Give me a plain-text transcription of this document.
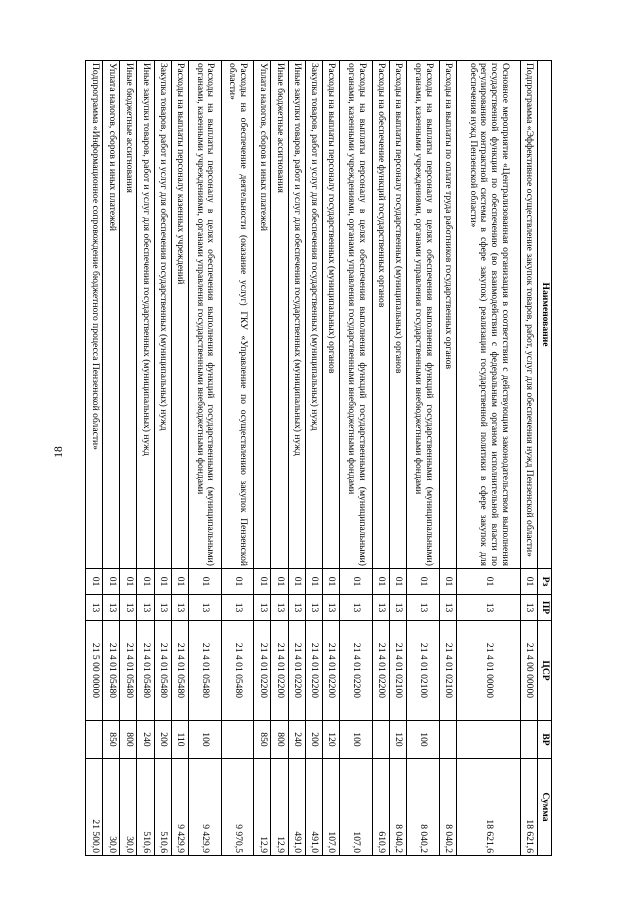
18
Наименование	Рз	ПР	ЦСР	ВР	Сумма
Подпрограмма «Эффективное осуществление закупок товаров, работ, услуг для обеспечения нужд Пензенской области»	01	13	21 4 00 00000		18 621,6
Основное мероприятие «Централизованная организация в соответствии с действующим законодательством выполнения государственной функции по обеспечению (во взаимодействии с федеральным органом исполнительной власти по регулированию контрактной системы в сфере закупок) реализации государственной политики в сфере закупок для обеспечения нужд Пензенской области»	01	13	21 4 01 00000		18 621,6
Расходы на выплаты по оплате труда работников государственных органов	01	13	21 4 01 02100		8 040,2
Расходы на выплаты персоналу в целях обеспечения выполнения функций государственными (муниципальными) органами, казенными учреждениями, органами управления государственными внебюджетными фондами	01	13	21 4 01 02100	100	8 040,2
Расходы на выплаты персоналу государственных (муниципальных) органов	01	13	21 4 01 02100	120	8 040,2
Расходы на обеспечение функций государственных органов	01	13	21 4 01 02200		610,9
Расходы на выплаты персоналу в целях обеспечения выполнения функций государственными (муниципальными) органами, казенными учреждениями, органами управления государственными внебюджетными фондами	01	13	21 4 01 02200	100	107,0
Расходы на выплаты персоналу государственных (муниципальных) органов	01	13	21 4 01 02200	120	107,0
Закупка товаров, работ и услуг для обеспечения государственных (муниципальных) нужд	01	13	21 4 01 02200	200	491,0
Иные закупки товаров, работ и услуг для обеспечения государственных (муниципальных) нужд	01	13	21 4 01 02200	240	491,0
Иные бюджетные ассигнования	01	13	21 4 01 02200	800	12,9
Уплата налогов, сборов и иных платежей	01	13	21 4 01 02200	850	12,9
Расходы на обеспечение деятельности (оказание услуг) ГКУ «Управление по осуществлению закупок Пензенской области»	01	13	21 4 01 05480		9 970,5
Расходы на выплаты персоналу в целях обеспечения выполнения функций государственными (муниципальными) органами, казенными учреждениями, органами управления государственными внебюджетными фондами	01	13	21 4 01 05480	100	9 429,9
Расходы на выплаты персоналу казенных учреждений	01	13	21 4 01 05480	110	9 429,9
Закупка товаров, работ и услуг для обеспечения государственных (муниципальных) нужд	01	13	21 4 01 05480	200	510,6
Иные закупки товаров, работ и услуг для обеспечения государственных (муниципальных) нужд	01	13	21 4 01 05480	240	510,6
Иные бюджетные ассигнования	01	13	21 4 01 05480	800	30,0
Уплата налогов, сборов и иных платежей	01	13	21 4 01 05480	850	30,0
Подпрограмма «Информационное сопровождение бюджетного процесса Пензенской области»	01	13	21 5 00 00000		21 500,0
